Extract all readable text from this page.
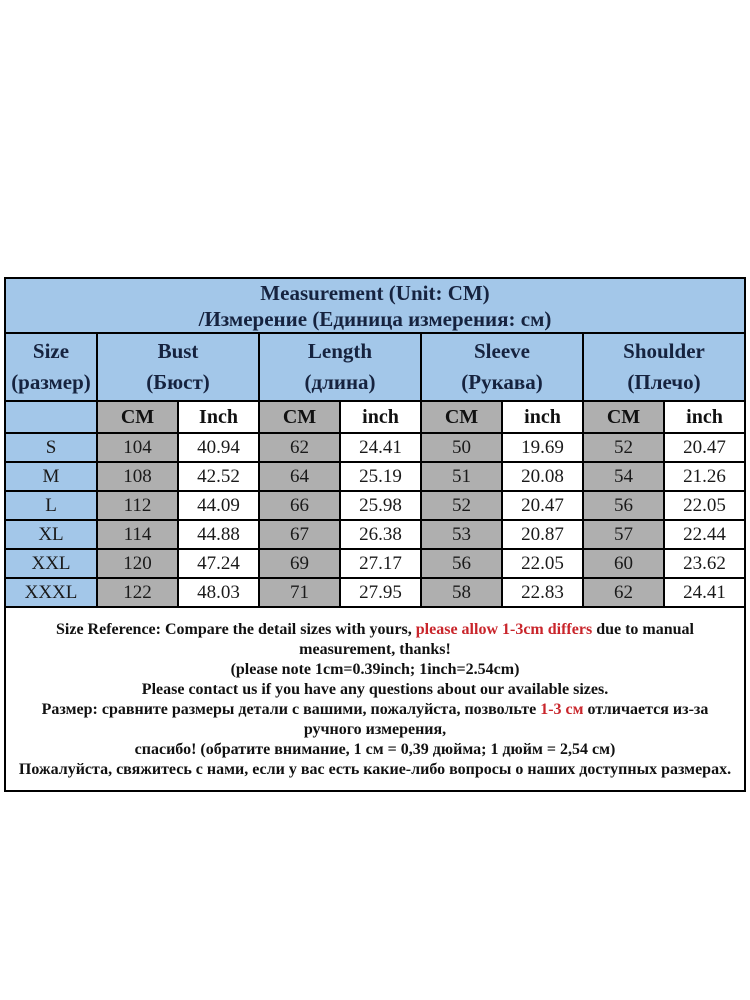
Measurement (Unit: CM)
/Измерение (Единица измерения: см)								

Size
(размер)

Bust
(Бюст)

Length
(длина)

Sleeve
(Рукава)

Shoulder
(Плечо)

	CM	Inch	CM	inch	CM	inch	CM	inch
S	104	40.94	62	24.41	50	19.69	52	20.47
M	108	42.52	64	25.19	51	20.08	54	21.26
L	112	44.09	66	25.98	52	20.47	56	22.05
XL	114	44.88	67	26.38	53	20.87	57	22.44
XXL	120	47.24	69	27.17	56	22.05	60	23.62
XXXL	122	48.03	71	27.95	58	22.83	62	24.41
Size Reference: Compare the detail sizes with yours, please allow 1-3cm differs due to manual measurement, thanks!
(please note 1cm=0.39inch; 1inch=2.54cm)
Please contact us if you have any questions about our available sizes.
Размер: сравните размеры детали с вашими, пожалуйста, позвольте 1-3 см отличается из-за ручного измерения,
спасибо! (обратите внимание, 1 см = 0,39 дюйма; 1 дюйм = 2,54 см)
Пожалуйста, свяжитесь с нами, если у вас есть какие-либо вопросы о наших доступных размерах.
